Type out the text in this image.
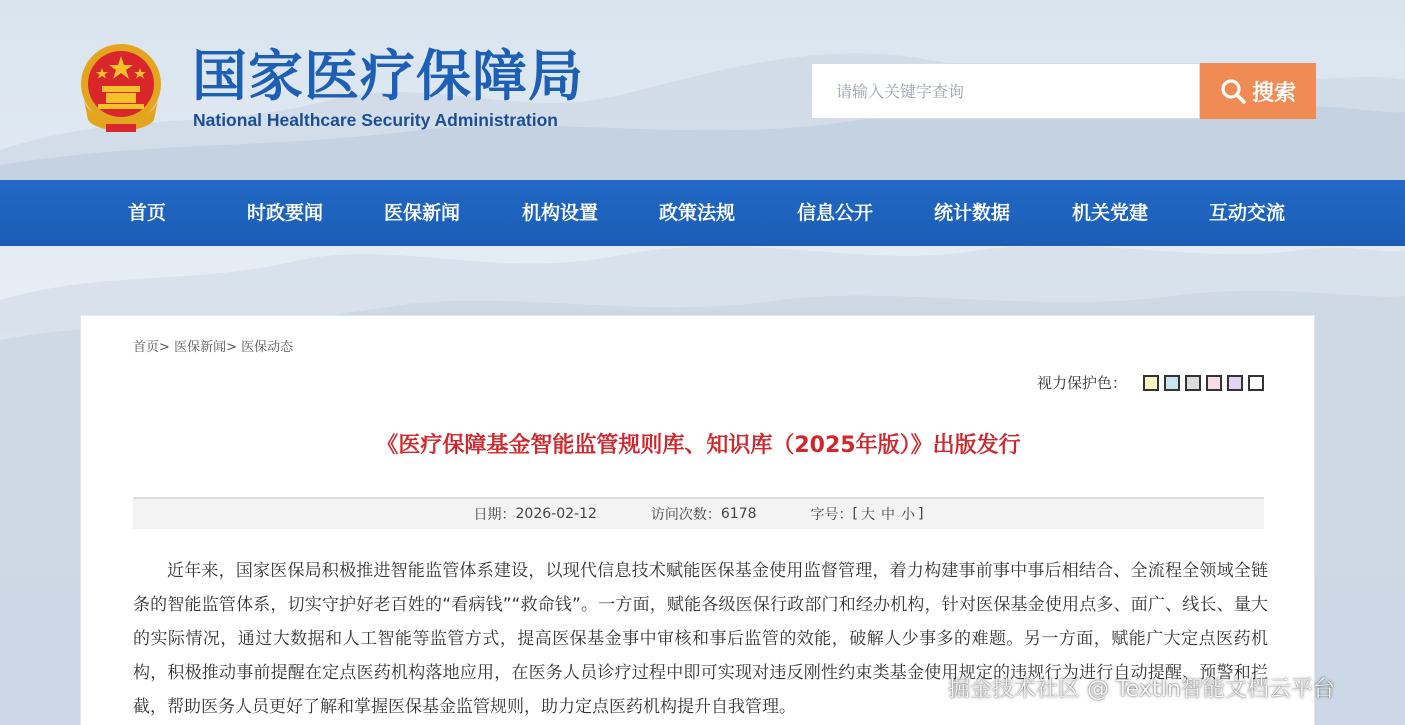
国家医疗保障局
National Healthcare Security Administration
请输入关键字查询
搜索
首页	时政要闻	医保新闻	机构设置	政策法规	信息公开	统计数据	机关党建	互动交流
首页> 医保新闻> 医保动态
视力保护色：
《医疗保障基金智能监管规则库、知识库（2025年版）》出版发行
日期： 2026-02-12	访问次数： 6178	字号： [ 大 中 小 ]

近年来，国家医保局积极推进智能监管体系建设，以现代信息技术赋能医保基金使用监督管理，着力构建事前事中事后相结合、全流程全领域全链条的智能监管体系，切实守护好老百姓的“看病钱”“救命钱”。一方面，赋能各级医保行政部门和经办机构，针对医保基金使用点多、面广、线长、量大的实际情况，通过大数据和人工智能等监管方式，提高医保基金事中审核和事后监管的效能，破解人少事多的难题。另一方面，赋能广大定点医药机构，积极推动事前提醒在定点医药机构落地应用，在医务人员诊疗过程中即可实现对违反刚性约束类基金使用规定的违规行为进行自动提醒、预警和拦截，帮助医务人员更好了解和掌握医保基金监管规则，助力定点医药机构提升自我管理。

掘金技术社区 @ TextIn智能文档云平台
